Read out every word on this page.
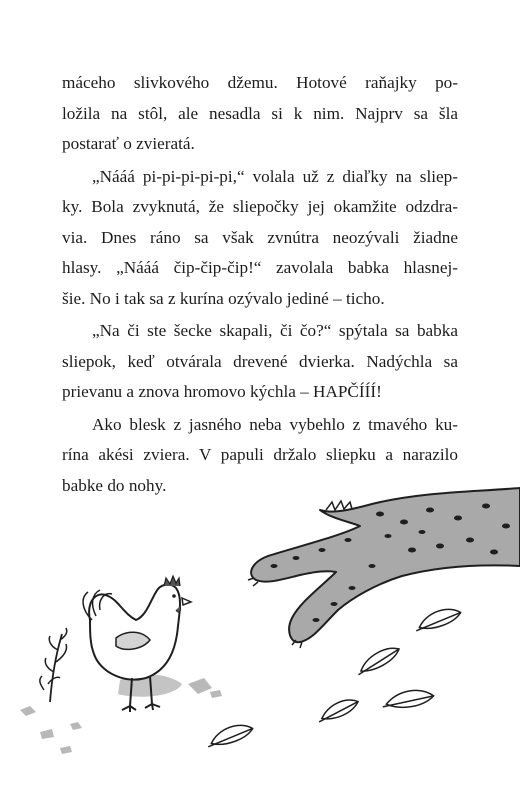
máceho slivkového džemu. Hotové raňajky po-
ložila na stôl, ale nesadla si k nim. Najprv sa šla
postarať o zvieratá.
„Nááá pi-pi-pi-pi-pi,“ volala už z diaľky na sliep-
ky. Bola zvyknutá, že sliepočky jej okamžite odzdra-
via. Dnes ráno sa však zvnútra neozývali žiadne
hlasy. „Nááá čip-čip-čip!“ zavolala babka hlasnej-
šie. No i tak sa z kurína ozývalo jediné – ticho.
„Na či ste šecke skapali, či čo?“ spýtala sa babka
sliepok, keď otvárala drevené dvierka. Nadýchla sa
prievanu a znova hromovo kýchla – HAPČÍÍÍ!
Ako blesk z jasného neba vybehlo z tmavého ku-
rína akési zviera. V papuli držalo sliepku a narazilo
babke do nohy.
